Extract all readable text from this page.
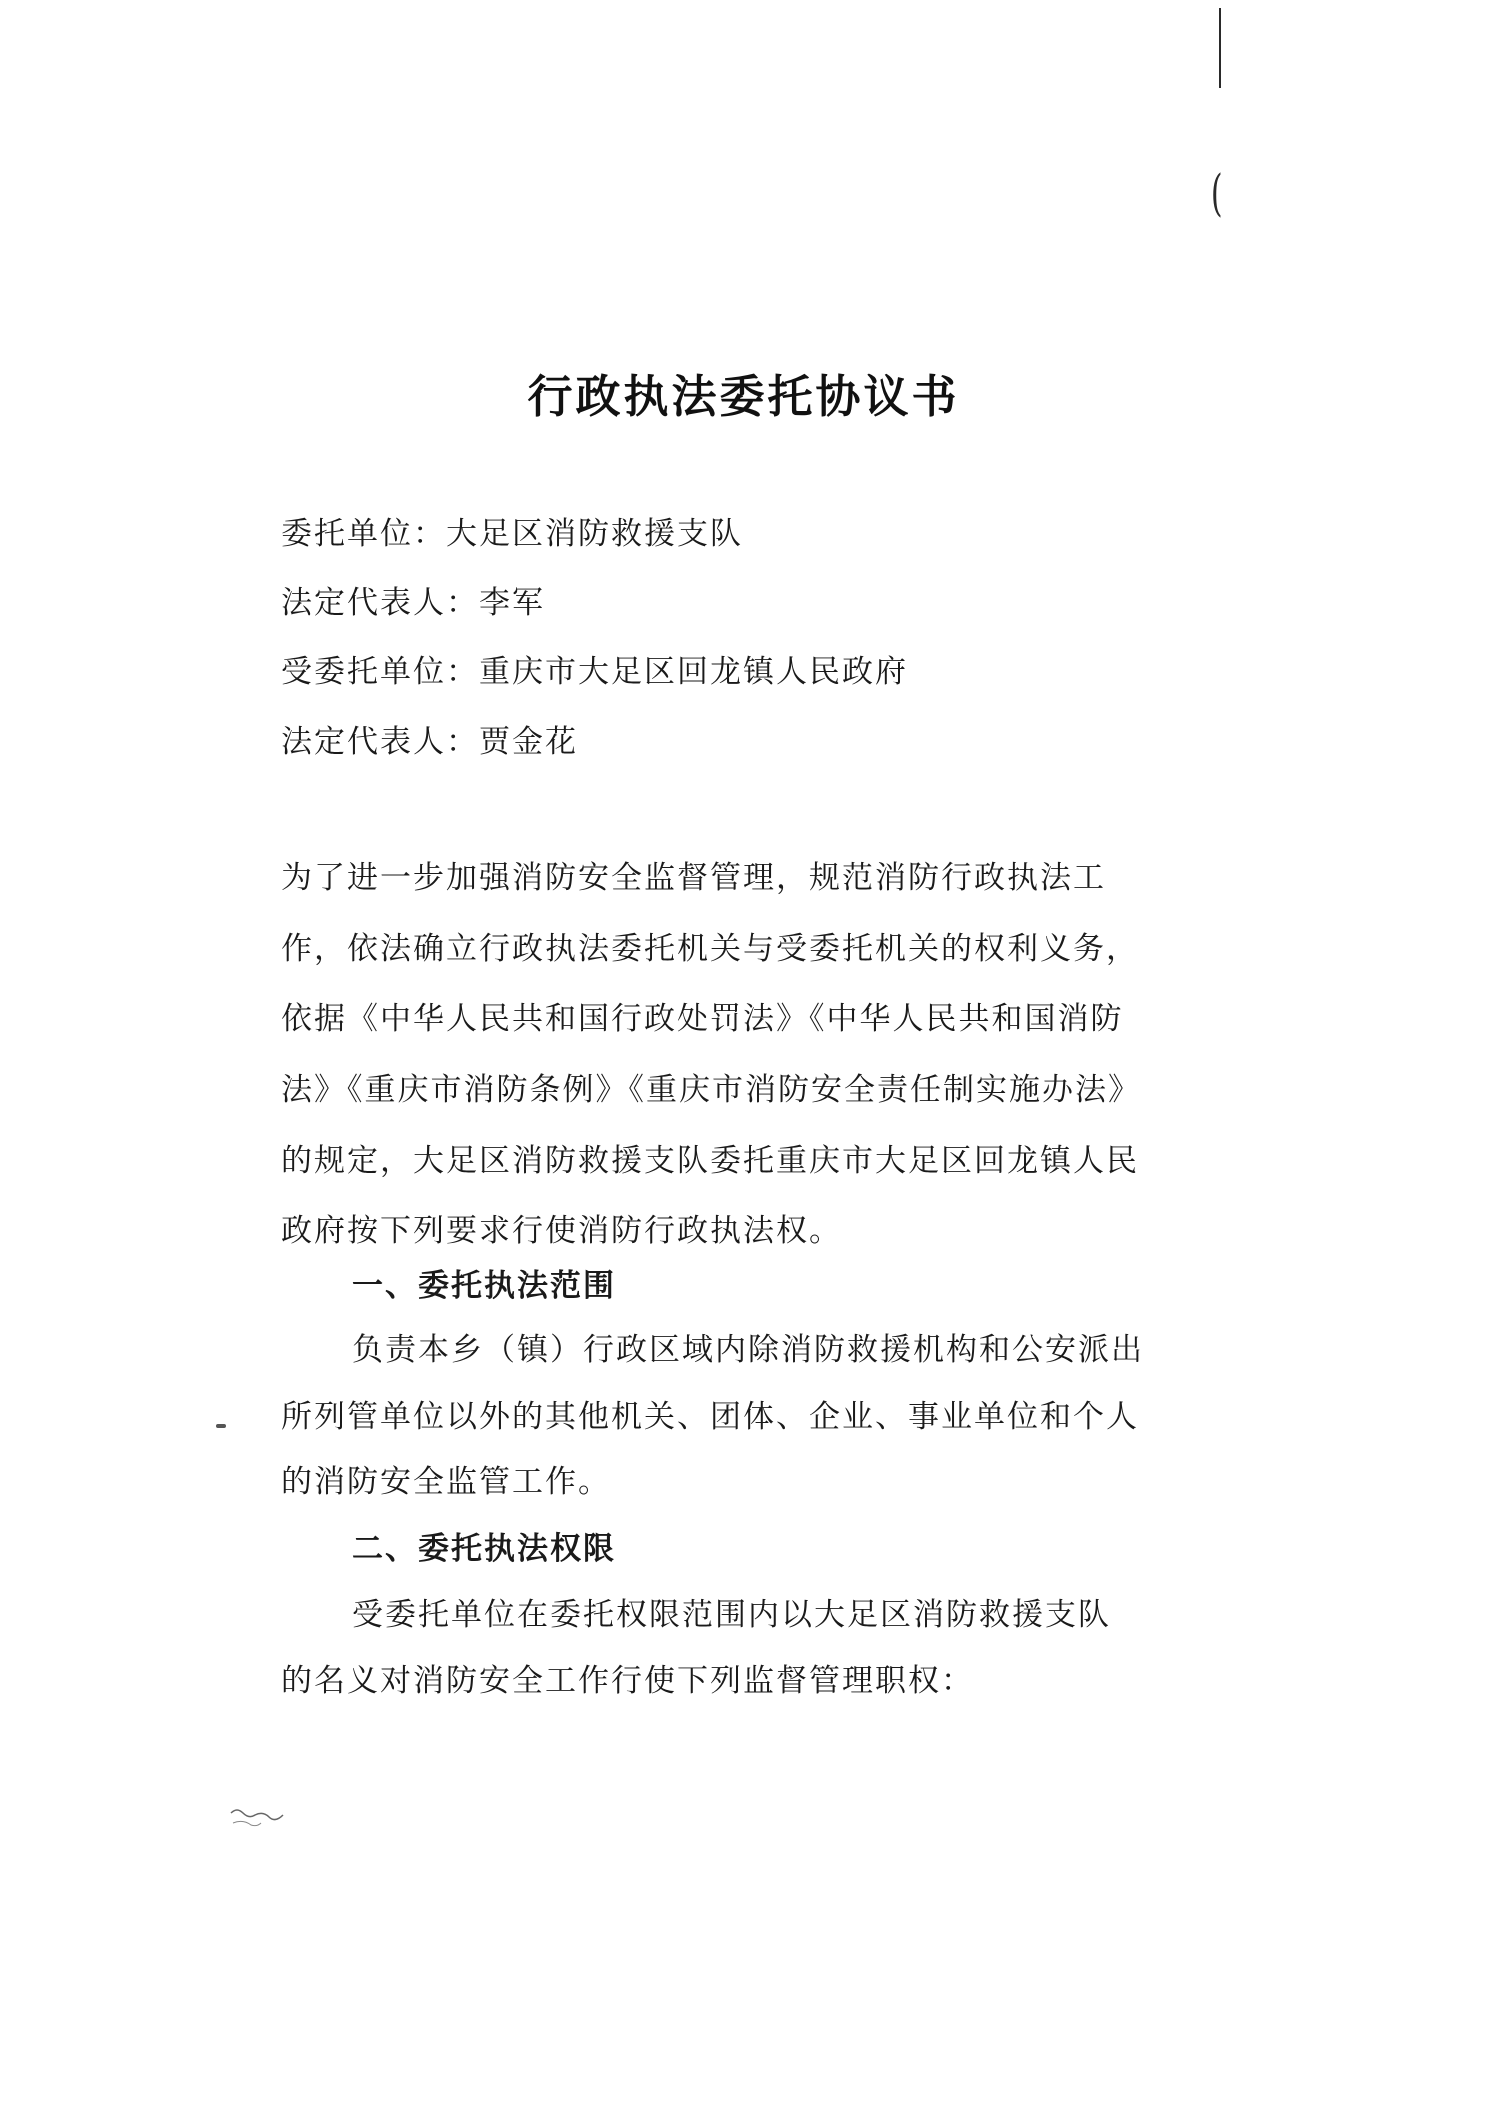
(
行政执法委托协议书
委托单位：大足区消防救援支队
法定代表人：李军
受委托单位：重庆市大足区回龙镇人民政府
法定代表人：贾金花
为了进一步加强消防安全监督管理，规范消防行政执法工
作，依法确立行政执法委托机关与受委托机关的权利义务，
依据《中华人民共和国行政处罚法》《中华人民共和国消防
法》《重庆市消防条例》《重庆市消防安全责任制实施办法》
的规定，大足区消防救援支队委托重庆市大足区回龙镇人民
政府按下列要求行使消防行政执法权。
一、委托执法范围
负责本乡（镇）行政区域内除消防救援机构和公安派出
所列管单位以外的其他机关、团体、企业、事业单位和个人
的消防安全监管工作。
二、委托执法权限
受委托单位在委托权限范围内以大足区消防救援支队
的名义对消防安全工作行使下列监督管理职权：
